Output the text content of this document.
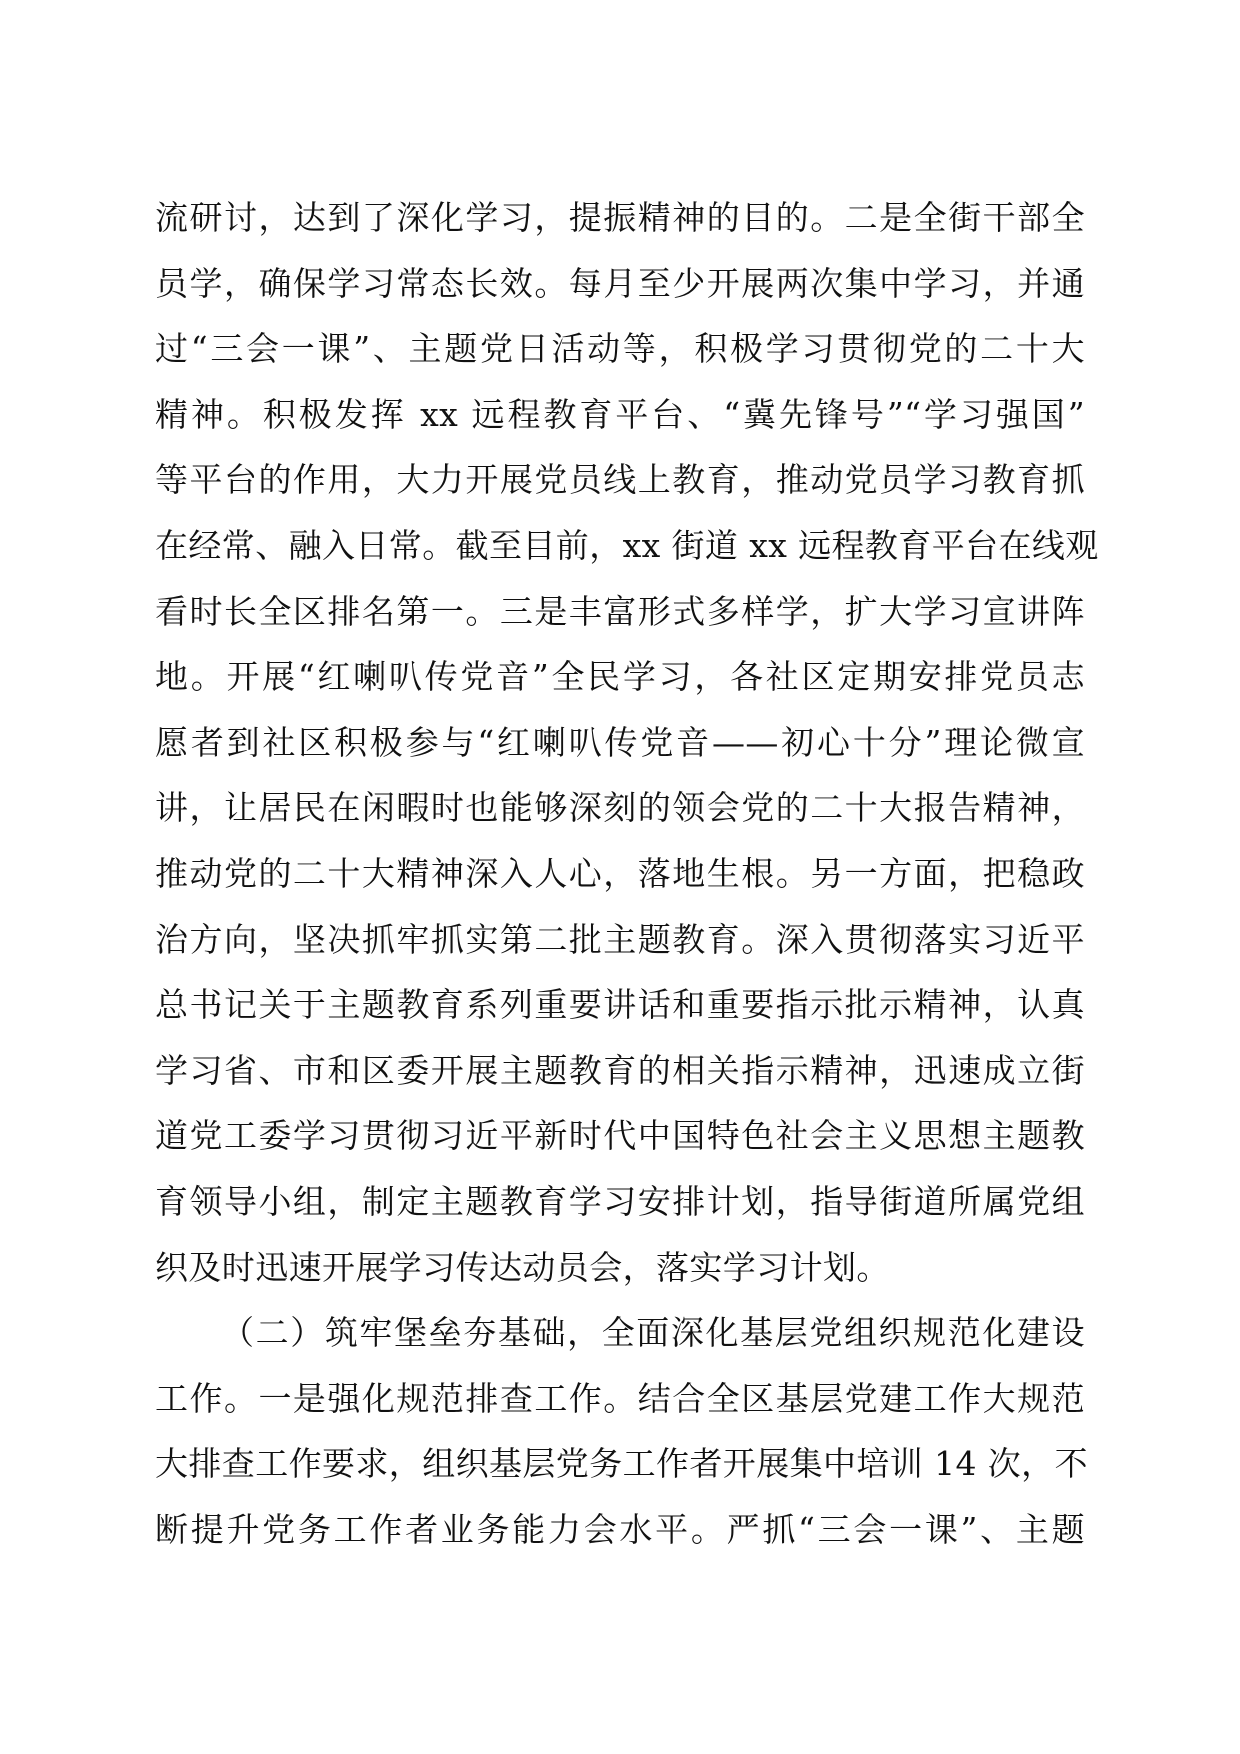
流研讨，达到了深化学习，提振精神的目的。二是全街干部全
员学，确保学习常态长效。每月至少开展两次集中学习，并通
过“三会一课”、主题党日活动等，积极学习贯彻党的二十大
精神。积极发挥 xx 远程教育平台、“冀先锋号”“学习强国”
等平台的作用，大力开展党员线上教育，推动党员学习教育抓
在经常、融入日常。截至目前，xx 街道 xx 远程教育平台在线观
看时长全区排名第一。三是丰富形式多样学，扩大学习宣讲阵
地。开展“红喇叭传党音”全民学习，各社区定期安排党员志
愿者到社区积极参与“红喇叭传党音——初心十分”理论微宣
讲，让居民在闲暇时也能够深刻的领会党的二十大报告精神，
推动党的二十大精神深入人心，落地生根。另一方面，把稳政
治方向，坚决抓牢抓实第二批主题教育。深入贯彻落实习近平
总书记关于主题教育系列重要讲话和重要指示批示精神，认真
学习省、市和区委开展主题教育的相关指示精神，迅速成立街
道党工委学习贯彻习近平新时代中国特色社会主义思想主题教
育领导小组，制定主题教育学习安排计划，指导街道所属党组
织及时迅速开展学习传达动员会，落实学习计划。
（二）筑牢堡垒夯基础，全面深化基层党组织规范化建设
工作。一是强化规范排查工作。结合全区基层党建工作大规范
大排查工作要求，组织基层党务工作者开展集中培训 14 次，不
断提升党务工作者业务能力会水平。严抓“三会一课”、主题
